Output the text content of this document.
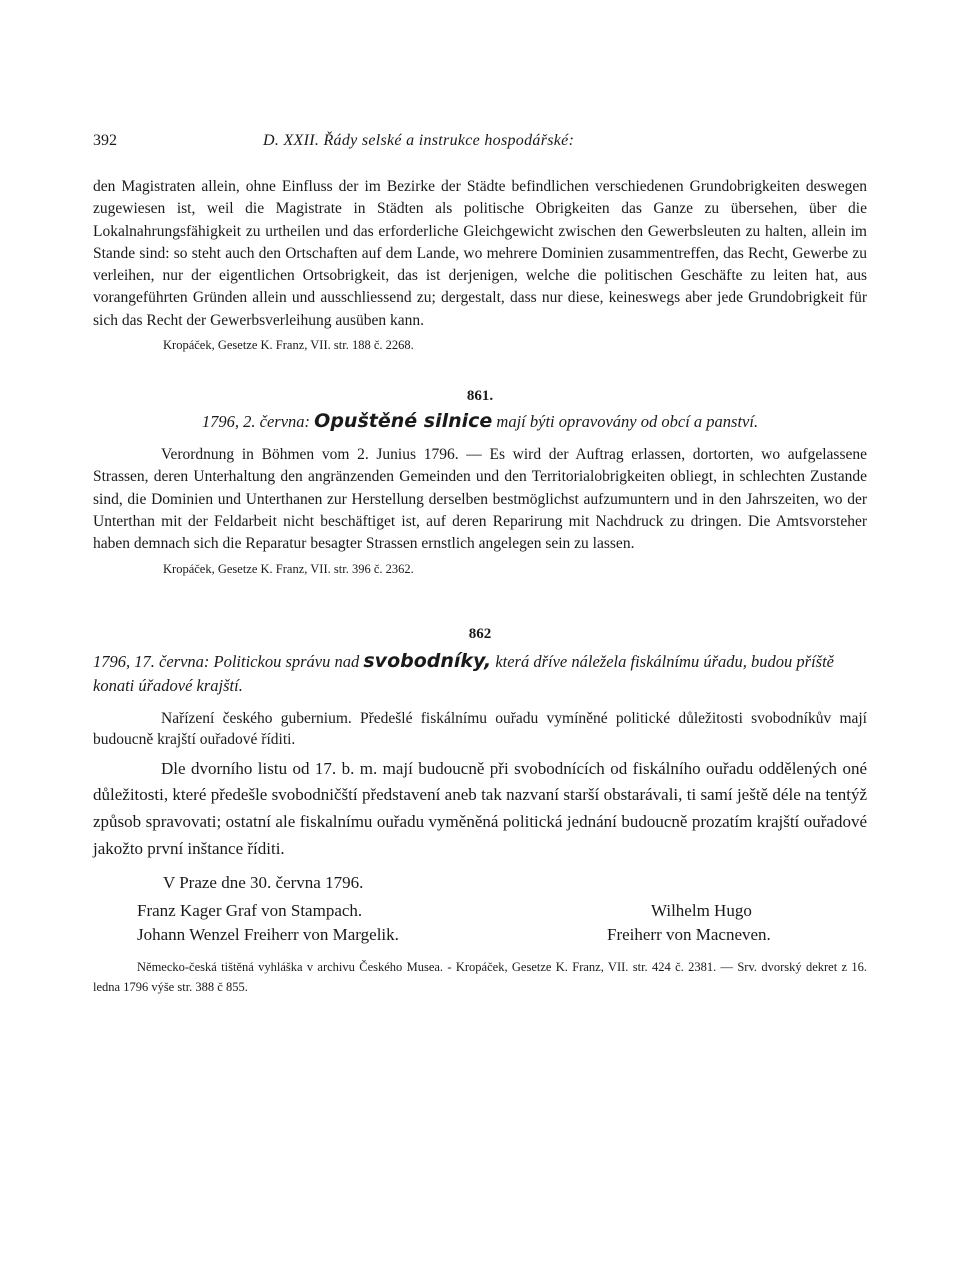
392	D. XXII. Řády selské a instrukce hospodářské:

den Magistraten allein, ohne Einfluss der im Bezirke der Städte befindlichen verschiedenen Grundobrigkeiten deswegen zugewiesen ist, weil die Magistrate in Städten als politische Obrigkeiten das Ganze zu übersehen, über die Lokalnahrungsfähigkeit zu urtheilen und das erforderliche Gleichgewicht zwischen den Gewerbsleuten zu halten, allein im Stande sind: so steht auch den Ortschaften auf dem Lande, wo mehrere Dominien zusammentreffen, das Recht, Gewerbe zu verleihen, nur der eigentlichen Ortsobrigkeit, das ist derjenigen, welche die politischen Geschäfte zu leiten hat, aus vorangeführten Gründen allein und ausschliessend zu; dergestalt, dass nur diese, keineswegs aber jede Grundobrigkeit für sich das Recht der Gewerbsverleihung ausüben kann.

Kropáček, Gesetze K. Franz, VII. str. 188 č. 2268.
861.
1796, 2. června: Opuštěné silnice mají býti opravovány od obcí a panství.

Verordnung in Böhmen vom 2. Junius 1796. — Es wird der Auftrag erlassen, dortorten, wo aufgelassene Strassen, deren Unterhaltung den angränzenden Gemeinden und den Territorialobrigkeiten obliegt, in schlechten Zustande sind, die Dominien und Unterthanen zur Herstellung derselben bestmöglichst aufzumuntern und in den Jahrszeiten, wo der Unterthan mit der Feldarbeit nicht beschäftiget ist, auf deren Reparirung mit Nachdruck zu dringen. Die Amtsvorsteher haben demnach sich die Reparatur besagter Strassen ernstlich angelegen sein zu lassen.

Kropáček, Gesetze K. Franz, VII. str. 396 č. 2362.
862
1796, 17. června: Politickou správu nad svobodníky, která dříve náležela fiskálnímu úřadu, budou příště konati úřadové krajští.

Nařízení českého gubernium. Předešlé fiskálnímu ouřadu vymíněné politické důležitosti svobodníkův mají budoucně krajští ouřadové říditi.

Dle dvorního listu od 17. b. m. mají budoucně při svobodnících od fiskálního ouřadu oddělených oné důležitosti, které předešle svobodničští představení aneb tak nazvaní starší obstarávali, ti samí ještě déle na tentýž způsob spravovati; ostatní ale fiskalnímu ouřadu vyměněná politická jednání budoucně prozatím krajští ouřadové jakožto první inštance říditi.

V Praze dne 30. června 1796.
Franz Kager Graf von Stampach.
Johann Wenzel Freiherr von Margelik.
Wilhelm Hugo
Freiherr von Macneven.

Německo-česká tištěná vyhláška v archivu Českého Musea. - Kropáček, Gesetze K. Franz, VII. str. 424 č. 2381. — Srv. dvorský dekret z 16. ledna 1796 výše str. 388 č 855.
